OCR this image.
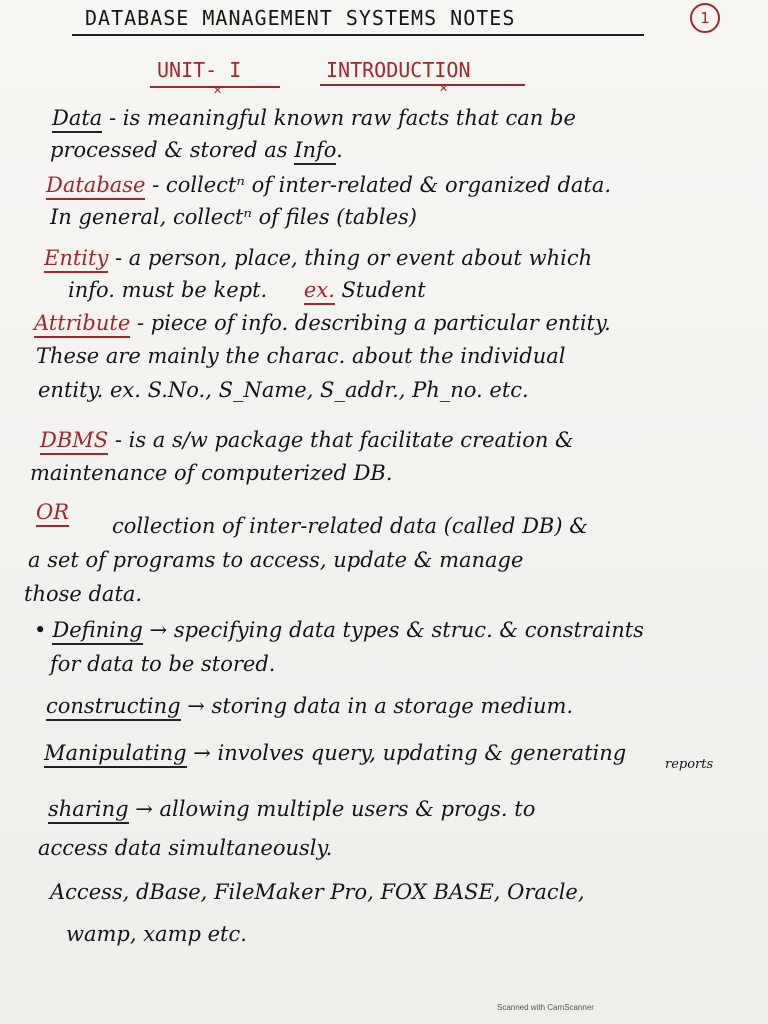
DATABASE MANAGEMENT SYSTEMS NOTES	1
UNIT- I	INTRODUCTION
✕	✕
Data - is meaningful known raw facts that can be
processed & stored as Info.
Database - collectⁿ of inter-related & organized data.
In general, collectⁿ of files (tables)
Entity - a person, place, thing or event about which
info. must be kept. ex. Student
Attribute - piece of info. describing a particular entity.
These are mainly the charac. about the individual
entity. ex. S.No., S_Name, S_addr., Ph_no. etc.
DBMS - is a s/w package that facilitate creation &
maintenance of computerized DB.
OR
collection of inter-related data (called DB) &
a set of programs to access, update & manage
those data.
• Defining → specifying data types & struc. & constraints
for data to be stored.
constructing → storing data in a storage medium.
Manipulating → involves query, updating & generating	reports
sharing → allowing multiple users & progs. to
access data simultaneously.
Access, dBase, FileMaker Pro, FOX BASE, Oracle,
wamp, xamp etc.
Scanned with CamScanner
